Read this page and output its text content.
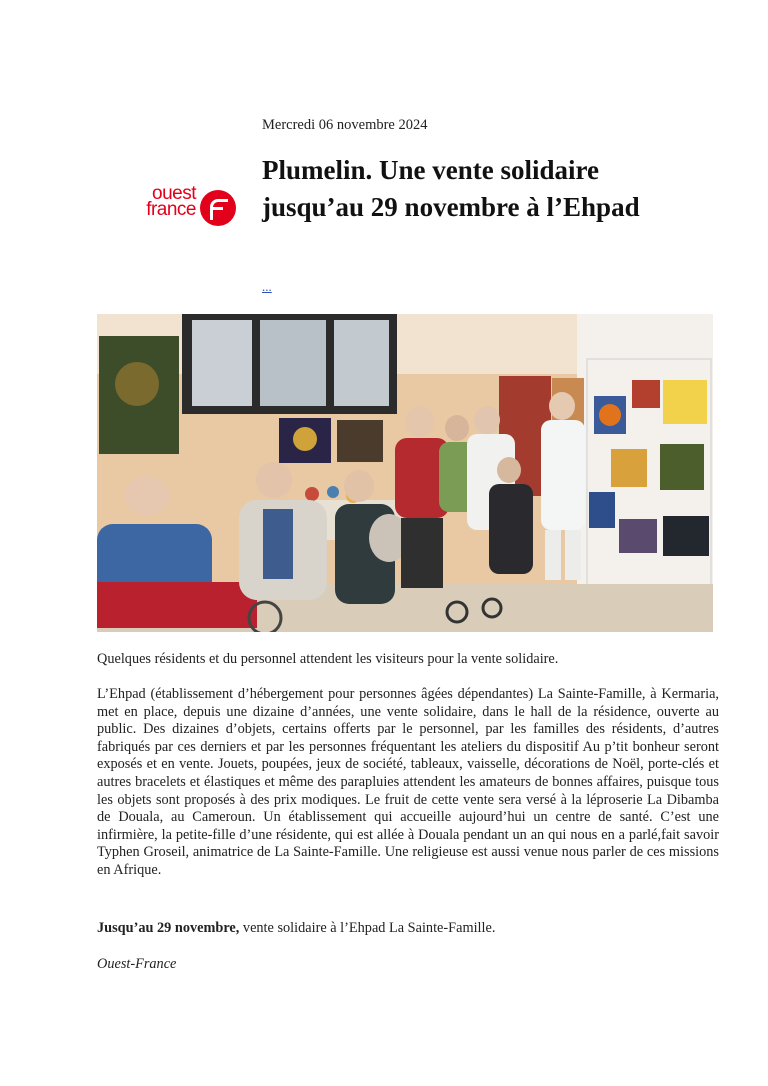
Mercredi 06 novembre 2024
ouest
france
Plumelin. Une vente solidaire jusqu’au 29 novembre à l’Ehpad
...
Quelques résidents et du personnel attendent les visiteurs pour la vente solidaire.
L’Ehpad (établissement d’hébergement pour personnes âgées dépendantes) La Sainte-Famille, à Kermaria, met en place, depuis une dizaine d’années, une vente solidaire, dans le hall de la résidence, ouverte au public. Des dizaines d’objets, certains offerts par le personnel, par les familles des résidents, d’autres fabriqués par ces derniers et par les personnes fréquentant les ateliers du dispositif Au p’tit bonheur seront exposés et en vente. Jouets, poupées, jeux de société, tableaux, vaisselle, décorations de Noël, porte-clés et autres bracelets et élastiques et même des parapluies attendent les amateurs de bonnes affaires, puisque tous les objets sont proposés à des prix modiques. Le fruit de cette vente sera versé à la léproserie La Dibamba de Douala, au Cameroun. Un établissement qui accueille aujourd’hui un centre de santé. C’est une infirmière, la petite-fille d’une résidente, qui est allée à Douala pendant un an qui nous en a parlé,fait savoir Typhen Groseil, animatrice de La Sainte-Famille. Une religieuse est aussi venue nous parler de ces missions en Afrique.
Jusqu’au 29 novembre, vente solidaire à l’Ehpad La Sainte-Famille.
Ouest-France
